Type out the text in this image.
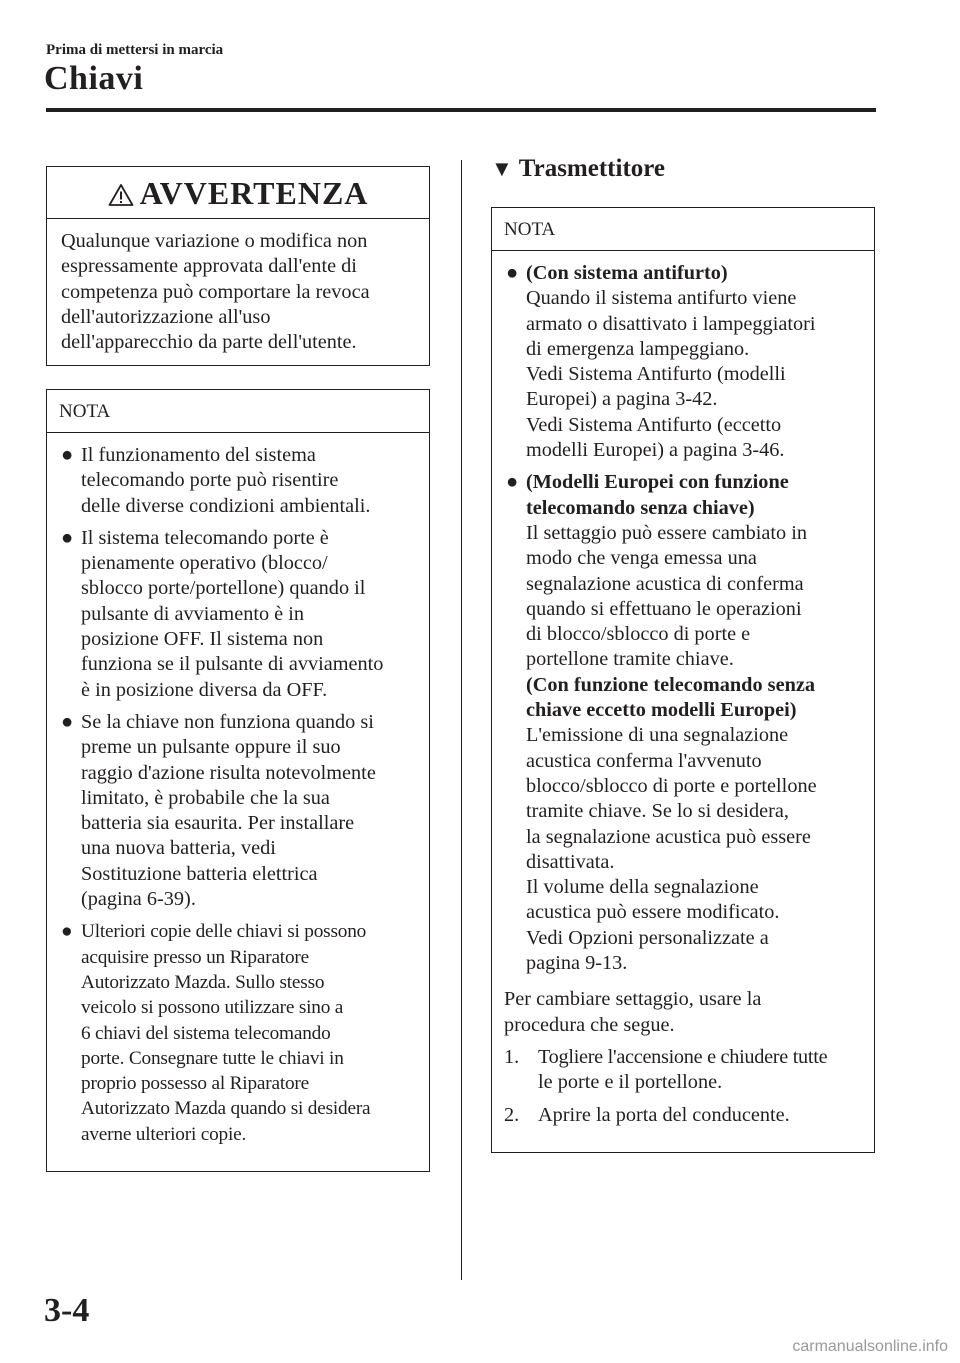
Prima di mettersi in marcia
Chiavi
AVVERTENZA
Qualunque variazione o modifica non
espressamente approvata dall'ente di
competenza può comportare la revoca
dell'autorizzazione all'uso
dell'apparecchio da parte dell'utente.
NOTA
● Il funzionamento del sistema
telecomando porte può risentire
delle diverse condizioni ambientali.
● Il sistema telecomando porte è
pienamente operativo (blocco/
sblocco porte/portellone) quando il
pulsante di avviamento è in
posizione OFF. Il sistema non
funziona se il pulsante di avviamento
è in posizione diversa da OFF.
● Se la chiave non funziona quando si
preme un pulsante oppure il suo
raggio d'azione risulta notevolmente
limitato, è probabile che la sua
batteria sia esaurita. Per installare
una nuova batteria, vedi
Sostituzione batteria elettrica
(pagina 6-39).
● Ulteriori copie delle chiavi si possono
acquisire presso un Riparatore
Autorizzato Mazda. Sullo stesso
veicolo si possono utilizzare sino a
6 chiavi del sistema telecomando
porte. Consegnare tutte le chiavi in
proprio possesso al Riparatore
Autorizzato Mazda quando si desidera
averne ulteriori copie.
▼ Trasmettitore
NOTA
● (Con sistema antifurto)
Quando il sistema antifurto viene
armato o disattivato i lampeggiatori
di emergenza lampeggiano.
Vedi Sistema Antifurto (modelli
Europei) a pagina 3-42.
Vedi Sistema Antifurto (eccetto
modelli Europei) a pagina 3-46.
● (Modelli Europei con funzione
telecomando senza chiave)
Il settaggio può essere cambiato in
modo che venga emessa una
segnalazione acustica di conferma
quando si effettuano le operazioni
di blocco/sblocco di porte e
portellone tramite chiave.
(Con funzione telecomando senza
chiave eccetto modelli Europei)
L'emissione di una segnalazione
acustica conferma l'avvenuto
blocco/sblocco di porte e portellone
tramite chiave. Se lo si desidera,
la segnalazione acustica può essere
disattivata.
Il volume della segnalazione
acustica può essere modificato.
Vedi Opzioni personalizzate a
pagina 9-13.
Per cambiare settaggio, usare la
procedura che segue.
1. Togliere l'accensione e chiudere tutte
le porte e il portellone.
2. Aprire la porta del conducente.
3-4
carmanualsonline.info
